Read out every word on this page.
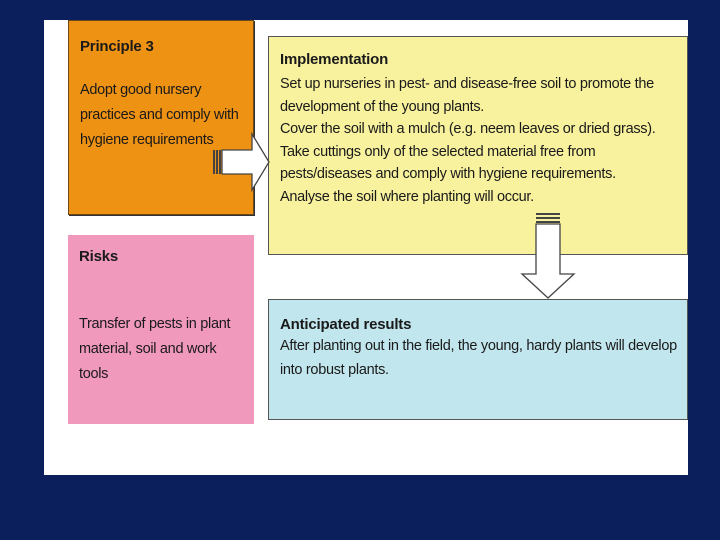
Principle 3
Adopt good nursery practices and comply with hygiene requirements
Risks
Transfer of pests in plant material, soil and work tools
Implementation
Set up nurseries in pest- and disease-free soil to promote the development of the young plants.
Cover the soil with a mulch (e.g. neem leaves or dried grass).
Take cuttings only of the selected material free from pests/diseases and comply with hygiene requirements.
Analyse the soil where planting will occur.
Anticipated results
After planting out in the field, the young, hardy plants will develop into robust plants.
